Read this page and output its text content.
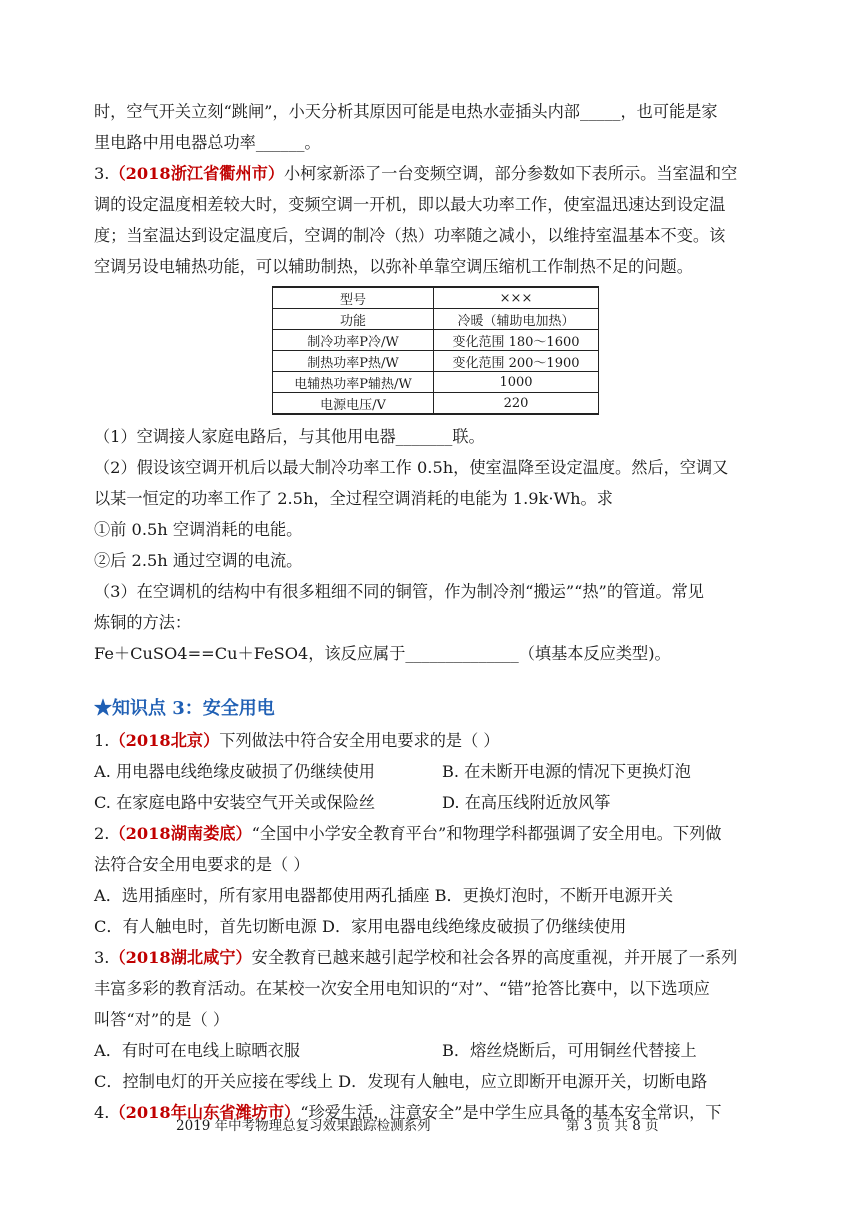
时，空气开关立刻“跳闸”，小天分析其原因可能是电热水壶插头内部_____，也可能是家
里电路中用电器总功率______。
3.（2018浙江省衢州市）小柯家新添了一台变频空调，部分参数如下表所示。当室温和空
调的设定温度相差较大时，变频空调一开机，即以最大功率工作，使室温迅速达到设定温
度；当室温达到设定温度后，空调的制冷（热）功率随之减小，以维持室温基本不变。该
空调另设电辅热功能，可以辅助制热，以弥补单靠空调压缩机工作制热不足的问题。
型号	×××
功能	冷暖（辅助电加热）
制冷功率P冷/W	变化范围 180～1600
制热功率P热/W	变化范围 200～1900
电辅热功率P辅热/W	1000
电源电压/V	220
（1）空调接人家庭电路后，与其他用电器_______联。
（2）假设该空调开机后以最大制冷功率工作 0.5h，使室温降至设定温度。然后，空调又
以某一恒定的功率工作了 2.5h，全过程空调消耗的电能为 1.9k·Wh。求
①前 0.5h 空调消耗的电能。
②后 2.5h 通过空调的电流。
（3）在空调机的结构中有很多粗细不同的铜管，作为制冷剂“搬运”“热”的管道。常见
炼铜的方法：
Fe＋CuSO4==Cu＋FeSO4，该反应属于______________（填基本反应类型)。
★知识点 3：安全用电
1.（2018北京）下列做法中符合安全用电要求的是（ ）
A. 用电器电线绝缘皮破损了仍继续使用	B. 在未断开电源的情况下更换灯泡
C. 在家庭电路中安装空气开关或保险丝	D. 在高压线附近放风筝
2.（2018湖南娄底）“全国中小学安全教育平台”和物理学科都强调了安全用电。下列做
法符合安全用电要求的是（ ）
A．选用插座时，所有家用电器都使用两孔插座 B．更换灯泡时，不断开电源开关
C．有人触电时，首先切断电源 D．家用电器电线绝缘皮破损了仍继续使用
3.（2018湖北咸宁）安全教育已越来越引起学校和社会各界的高度重视，并开展了一系列
丰富多彩的教育活动。在某校一次安全用电知识的“对”、“错”抢答比赛中，以下选项应
叫答“对”的是（ ）
A．有时可在电线上晾晒衣服	B．熔丝烧断后，可用铜丝代替接上
C．控制电灯的开关应接在零线上 D．发现有人触电，应立即断开电源开关，切断电路
4.（2018年山东省潍坊市）“珍爱生活，注意安全”是中学生应具备的基本安全常识，下
2019 年中考物理总复习效果跟踪检测系列	第 3 页 共 8 页
